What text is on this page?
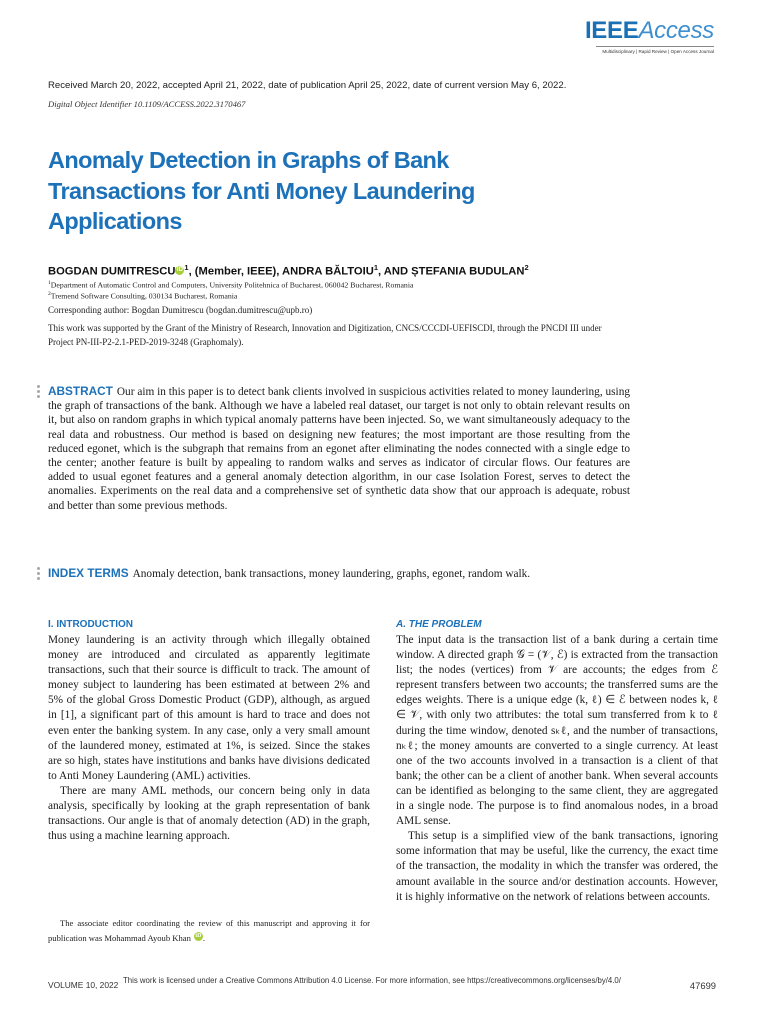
IEEEAccess
Multidisciplinary | Rapid Review | Open Access Journal
Received March 20, 2022, accepted April 21, 2022, date of publication April 25, 2022, date of current version May 6, 2022.
Digital Object Identifier 10.1109/ACCESS.2022.3170467
Anomaly Detection in Graphs of Bank Transactions for Anti Money Laundering Applications
BOGDAN DUMITRESCU iD $^1$, (Member, IEEE), ANDRA BĂLTOIU$^1$, AND ȘTEFANIA BUDULAN$^2$
$^1$Department of Automatic Control and Computers, University Politehnica of Bucharest, 060042 Bucharest, Romania
$^2$Tremend Software Consulting, 030134 Bucharest, Romania
Corresponding author: Bogdan Dumitrescu (bogdan.dumitrescu@upb.ro)
This work was supported by the Grant of the Ministry of Research, Innovation and Digitization, CNCS/CCCDI-UEFISCDI, through the PNCDI III under Project PN-III-P2-2.1-PED-2019-3248 (Graphomaly).
ABSTRACT Our aim in this paper is to detect bank clients involved in suspicious activities related to money laundering, using the graph of transactions of the bank. Although we have a labeled real dataset, our target is not only to obtain relevant results on it, but also on random graphs in which typical anomaly patterns have been injected. So, we want simultaneously adequacy to the real data and robustness. Our method is based on designing new features; the most important are those resulting from the reduced egonet, which is the subgraph that remains from an egonet after eliminating the nodes connected with a single edge to the center; another feature is built by appealing to random walks and serves as indicator of circular flows. Our features are added to usual egonet features and a general anomaly detection algorithm, in our case Isolation Forest, serves to detect the anomalies. Experiments on the real data and a comprehensive set of synthetic data show that our approach is adequate, robust and better than some previous methods.
INDEX TERMS Anomaly detection, bank transactions, money laundering, graphs, egonet, random walk.
I. INTRODUCTION

Money laundering is an activity through which illegally obtained money are introduced and circulated as apparently legitimate transactions, such that their source is difficult to track. The amount of money subject to laundering has been estimated at between 2% and 5% of the global Gross Domestic Product (GDP), although, as argued in [1], a significant part of this amount is hard to trace and does not even enter the banking system. In any case, only a very small amount of the laundered money, estimated at 1%, is seized. Since the stakes are so high, states have institutions and banks have divisions dedicated to Anti Money Laundering (AML) activities.

There are many AML methods, our concern being only in data analysis, specifically by looking at the graph representation of bank transactions. Our angle is that of anomaly detection (AD) in the graph, thus using a machine learning approach.

The associate editor coordinating the review of this manuscript and approving it for publication was Mohammad Ayoub Khan iD .
A. THE PROBLEM

The input data is the transaction list of a bank during a certain time window. A directed graph 𝒢 = (𝒱, ℰ) is extracted from the transaction list; the nodes (vertices) from 𝒱 are accounts; the edges from ℰ represent transfers between two accounts; the transferred sums are the edges weights. There is a unique edge (k, ℓ) ∈ ℰ between nodes k, ℓ ∈ 𝒱, with only two attributes: the total sum transferred from k to ℓ during the time window, denoted sₖℓ, and the number of transactions, nₖℓ; the money amounts are converted to a single currency. At least one of the two accounts involved in a transaction is a client of that bank; the other can be a client of another bank. When several accounts can be identified as belonging to the same client, they are aggregated in a single node. The purpose is to find anomalous nodes, in a broad AML sense.

This setup is a simplified view of the bank transactions, ignoring some information that may be useful, like the currency, the exact time of the transaction, the modality in which the transfer was ordered, the amount available in the source and/or destination accounts. However, it is highly informative on the network of relations between accounts.

VOLUME 10, 2022 This work is licensed under a Creative Commons Attribution 4.0 License. For more information, see https://creativecommons.org/licenses/by/4.0/	47699
